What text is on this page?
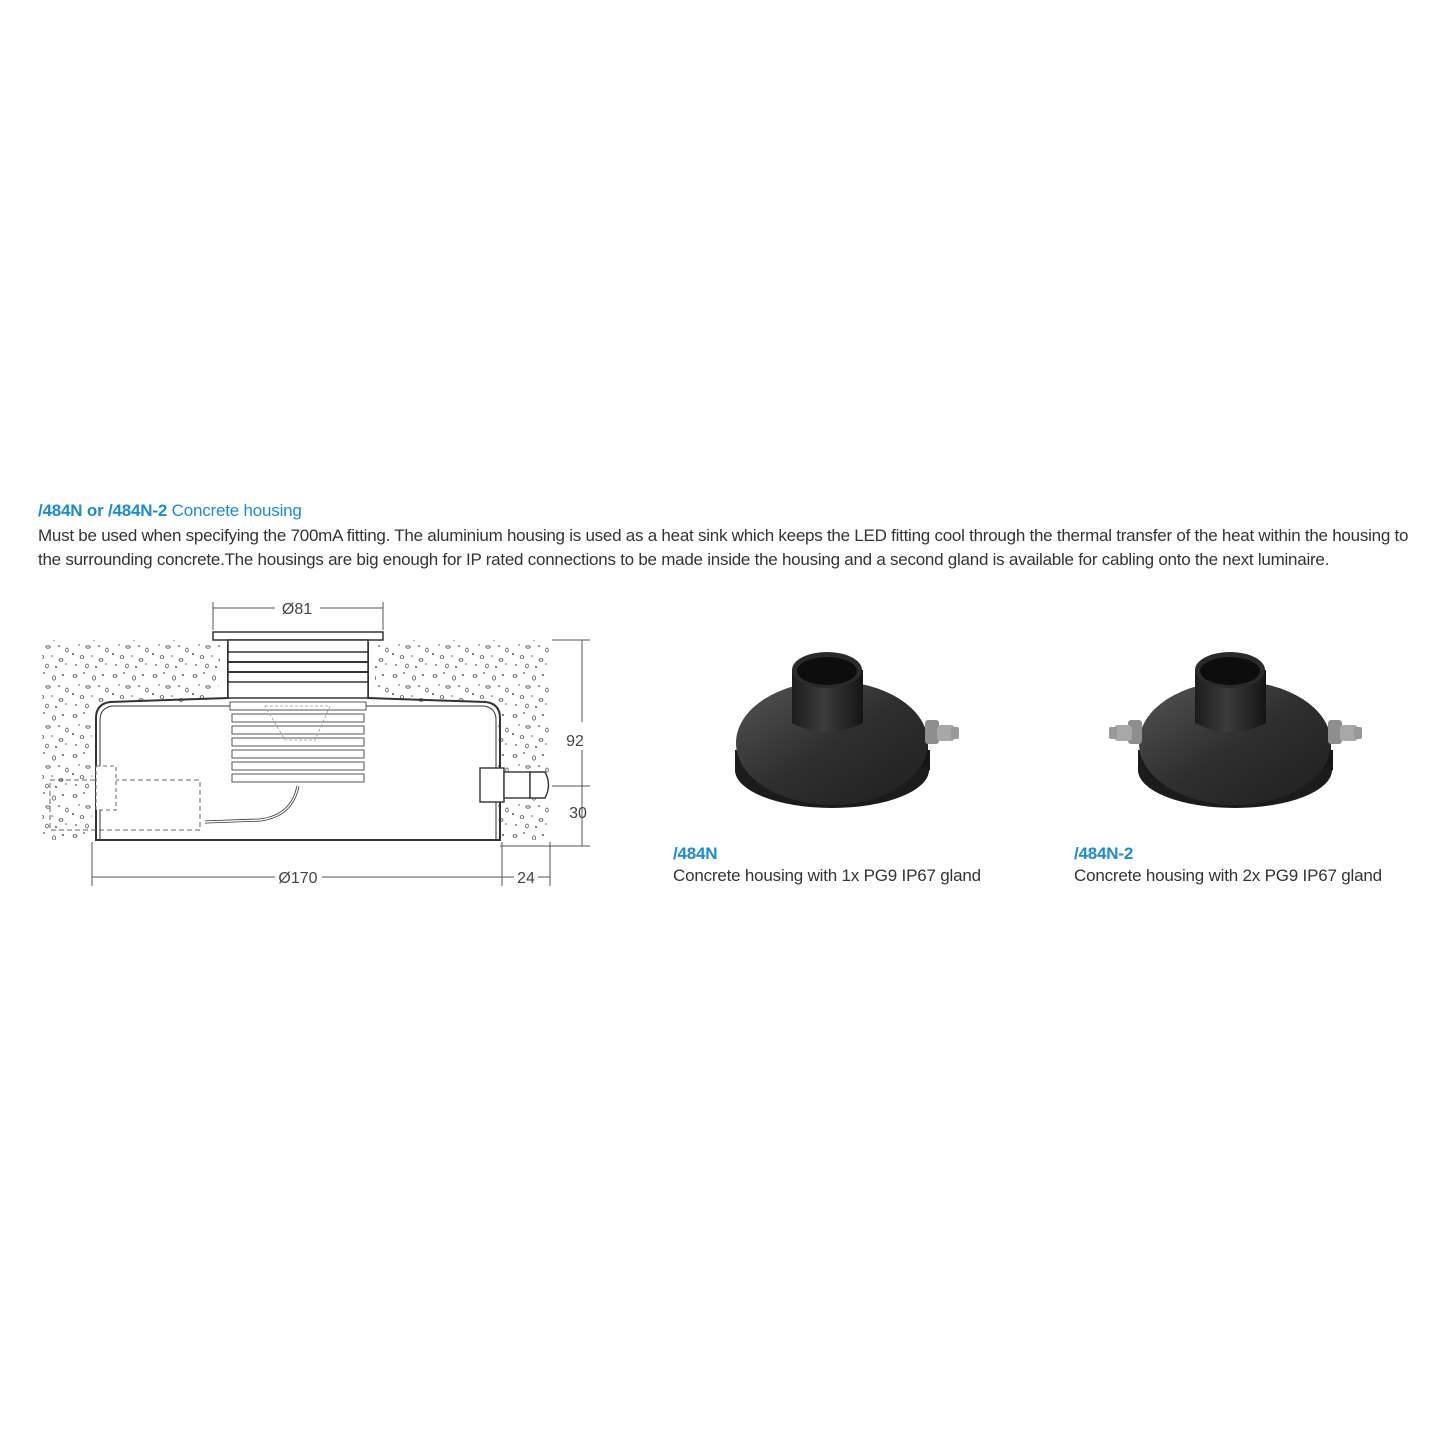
/484N or /484N-2 Concrete housing

Must be used when specifying the 700mA fitting. The aluminium housing is used as a heat sink which keeps the LED fitting cool through the thermal transfer of the heat within the housing to the surrounding concrete.The housings are big enough for IP rated connections to be made inside the housing and a second gland is available for cabling onto the next luminaire.

Ø81
92
30
Ø170	24
/484N
Concrete housing with 1x PG9 IP67 gland
/484N-2
Concrete housing with 2x PG9 IP67 gland
